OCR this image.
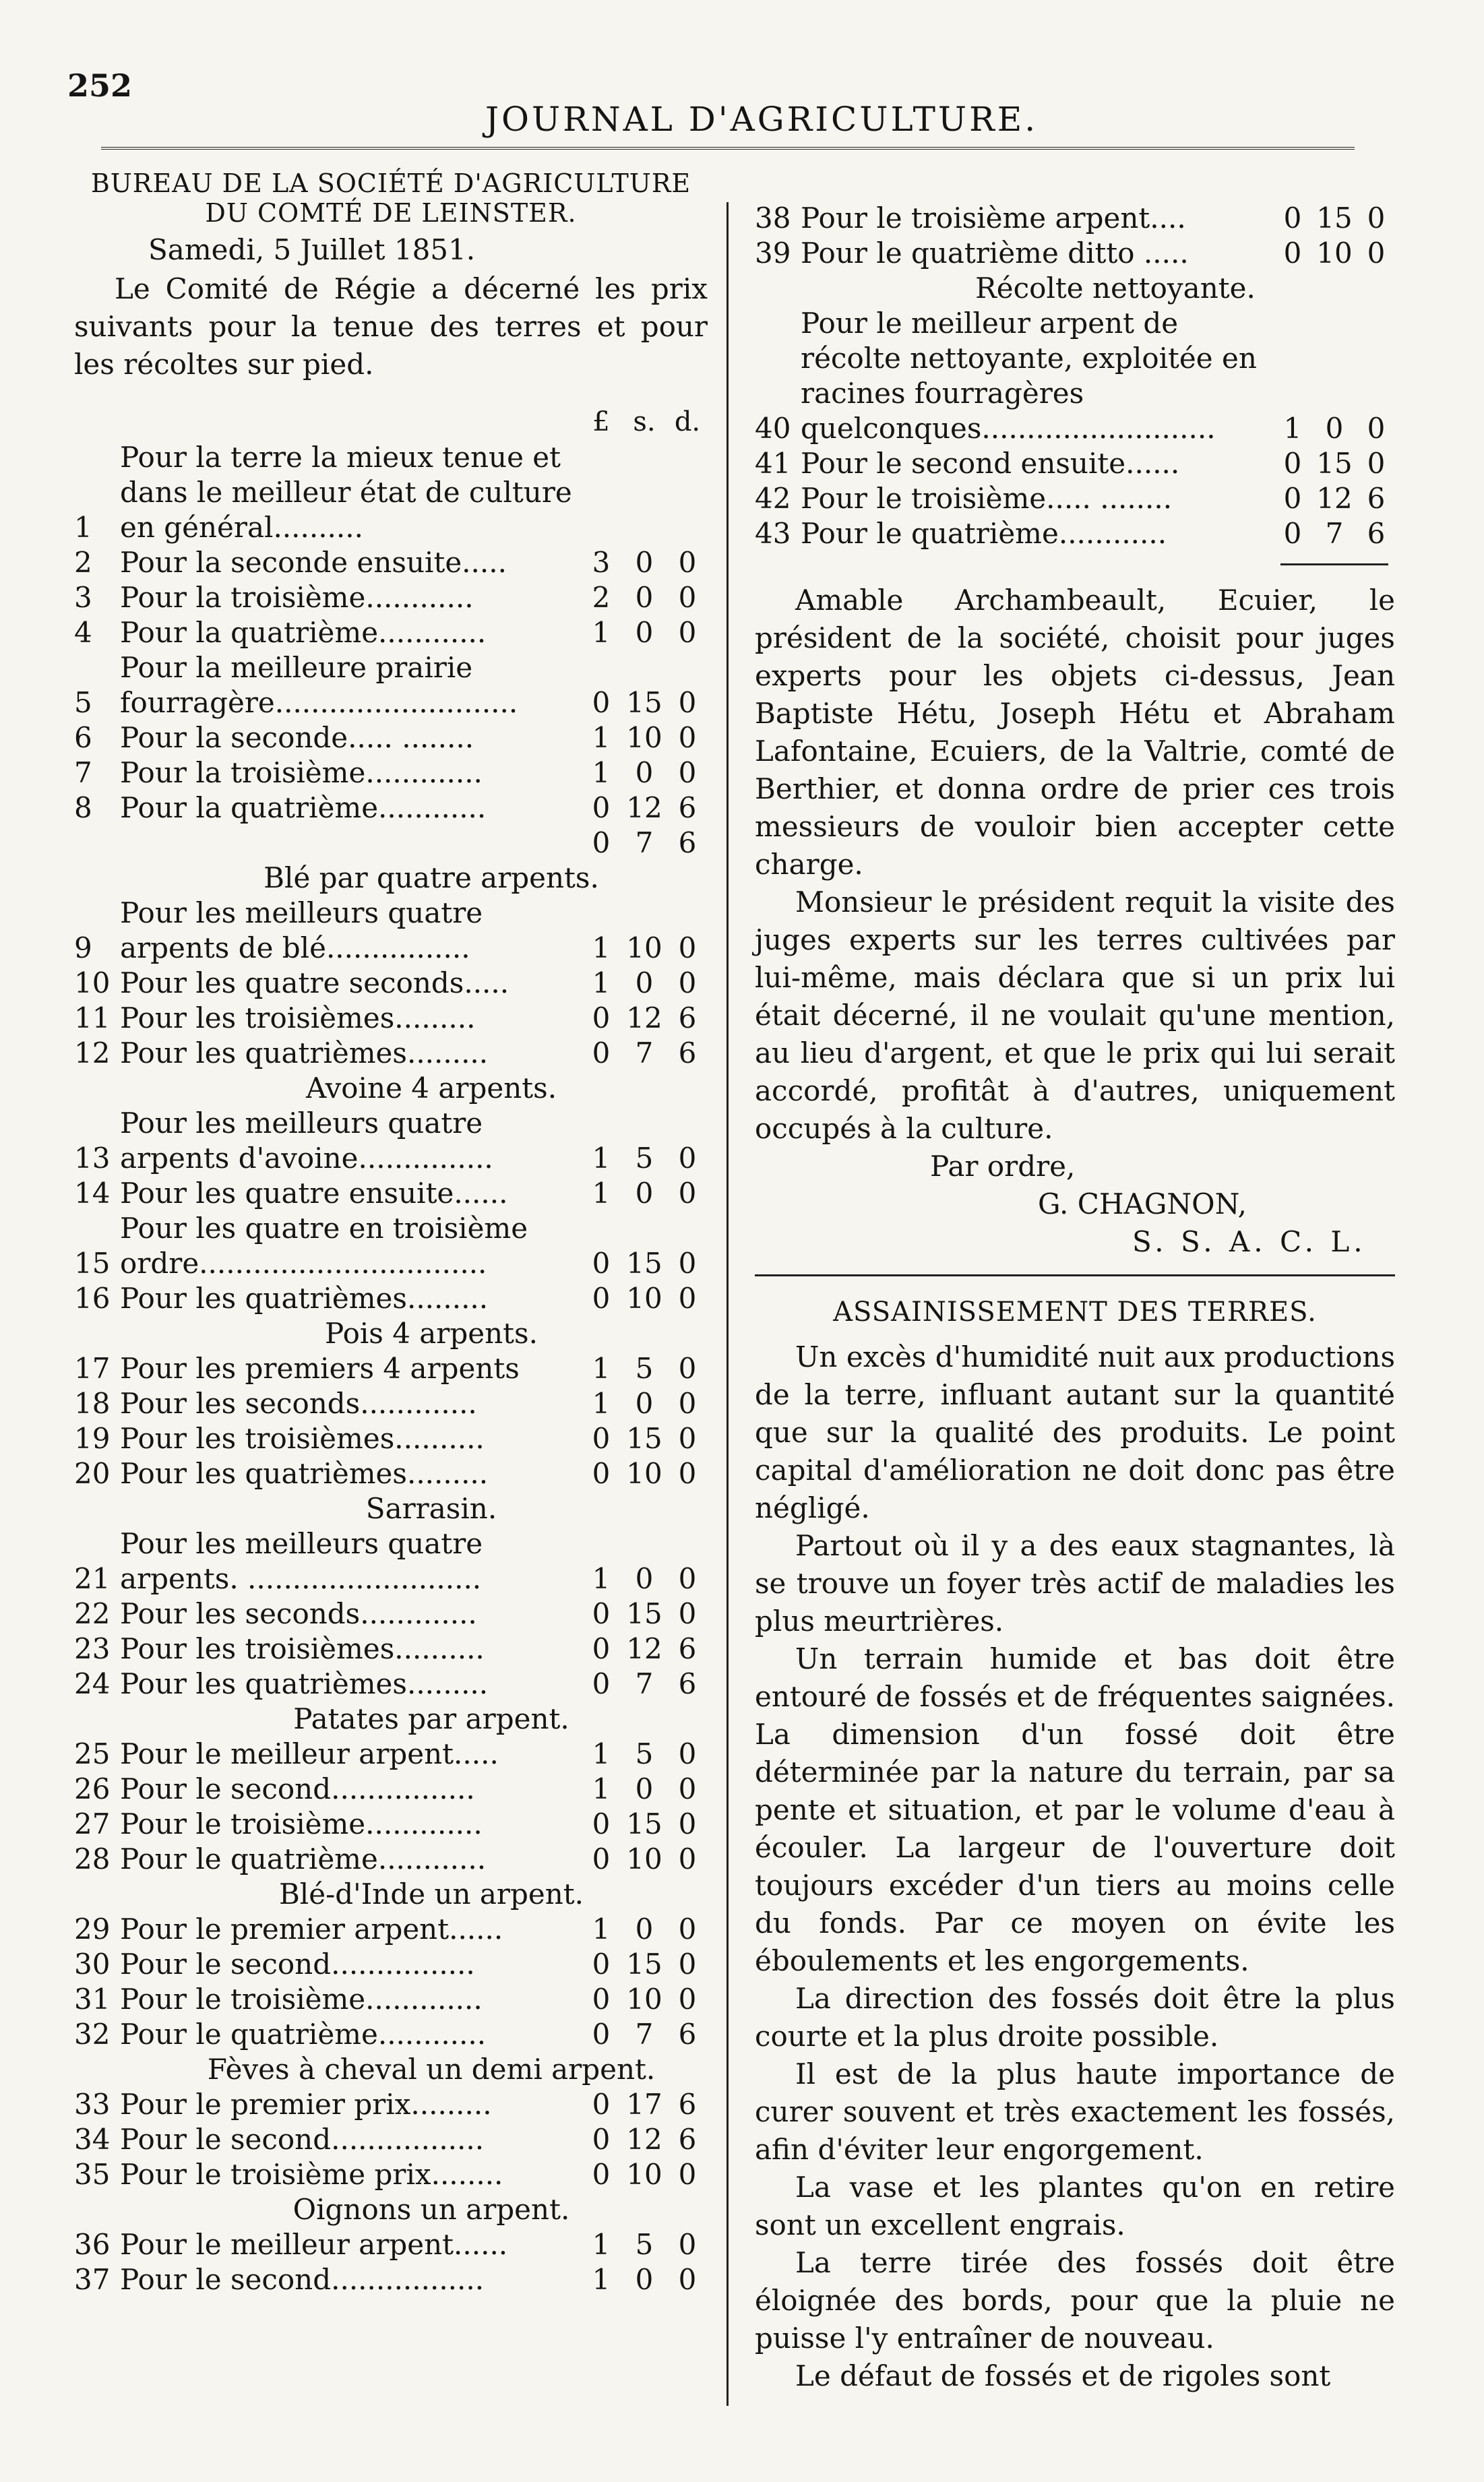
252
JOURNAL D'AGRICULTURE.
BUREAU DE LA SOCIÉTÉ D'AGRICULTURE DU COMTÉ DE LEINSTER.
Samedi, 5 Juillet 1851.

Le Comité de Régie a décerné les prix suivants pour la tenue des terres et pour les récoltes sur pied.

£ s. d.
1
Pour la terre la mieux tenue et dans le meilleur état de culture en général..........
2 Pour la seconde ensuite.....	3 0 0
3 Pour la troisième............	2 0 0
4 Pour la quatrième............	1 0 0
5
Pour la meilleure prairie fourragère...........................	0 15 0
6 Pour la seconde..... ........	1 10 0
7 Pour la troisième.............	1 0 0
8 Pour la quatrième............	0 12 6
0 7 6
Blé par quatre arpents.
9
Pour les meilleurs quatre arpents de blé................	1 10 0
10 Pour les quatre seconds.....	1 0 0
11 Pour les troisièmes.........	0 12 6
12 Pour les quatrièmes.........	0 7 6
Avoine 4 arpents.
13
Pour les meilleurs quatre arpents d'avoine...............	1 5 0
14 Pour les quatre ensuite......	1 0 0
15
Pour les quatre en troisième ordre................................	0 15 0
16 Pour les quatrièmes.........	0 10 0
Pois 4 arpents.
17 Pour les premiers 4 arpents	1 5 0
18 Pour les seconds.............	1 0 0
19 Pour les troisièmes..........	0 15 0
20 Pour les quatrièmes.........	0 10 0
Sarrasin.
21
Pour les meilleurs quatre arpents. ..........................	1 0 0
22 Pour les seconds.............	0 15 0
23 Pour les troisièmes..........	0 12 6
24 Pour les quatrièmes.........	0 7 6
Patates par arpent.
25 Pour le meilleur arpent.....	1 5 0
26 Pour le second................	1 0 0
27 Pour le troisième.............	0 15 0
28 Pour le quatrième............	0 10 0
Blé-d'Inde un arpent.
29 Pour le premier arpent......	1 0 0
30 Pour le second................	0 15 0
31 Pour le troisième.............	0 10 0
32 Pour le quatrième............	0 7 6
Fèves à cheval un demi arpent.
33 Pour le premier prix.........	0 17 6
34 Pour le second.................	0 12 6
35 Pour le troisième prix........	0 10 0
Oignons un arpent.
36 Pour le meilleur arpent......	1 5 0
37 Pour le second.................	1 0 0
38 Pour le troisième arpent....	0 15 0
39 Pour le quatrième ditto .....	0 10 0
Récolte nettoyante.
40
Pour le meilleur arpent de récolte nettoyante, exploitée en racines fourragères quelconques..........................	1 0 0
41 Pour le second ensuite......	0 15 0
42 Pour le troisième..... ........	0 12 6
43 Pour le quatrième............	0 7 6

Amable Archambeault, Ecuier, le président de la société, choisit pour juges experts pour les objets ci-dessus, Jean Baptiste Hétu, Joseph Hétu et Abraham Lafontaine, Ecuiers, de la Valtrie, comté de Berthier, et donna ordre de prier ces trois messieurs de vouloir bien accepter cette charge.

Monsieur le président requit la visite des juges experts sur les terres cultivées par lui-même, mais déclara que si un prix lui était décerné, il ne voulait qu'une mention, au lieu d'argent, et que le prix qui lui serait accordé, profitât à d'autres, uniquement occupés à la culture.

Par ordre,
G. CHAGNON,
S. S. A. C. L.
ASSAINISSEMENT DES TERRES.

Un excès d'humidité nuit aux productions de la terre, influant autant sur la quantité que sur la qualité des produits. Le point capital d'amélioration ne doit donc pas être négligé.

Partout où il y a des eaux stagnantes, là se trouve un foyer très actif de maladies les plus meurtrières.

Un terrain humide et bas doit être entouré de fossés et de fréquentes saignées. La dimension d'un fossé doit être déterminée par la nature du terrain, par sa pente et situation, et par le volume d'eau à écouler. La largeur de l'ouverture doit toujours excéder d'un tiers au moins celle du fonds. Par ce moyen on évite les éboulements et les engorgements.

La direction des fossés doit être la plus courte et la plus droite possible.

Il est de la plus haute importance de curer souvent et très exactement les fossés, afin d'éviter leur engorgement.

La vase et les plantes qu'on en retire sont un excellent engrais.

La terre tirée des fossés doit être éloignée des bords, pour que la pluie ne puisse l'y entraîner de nouveau.

Le défaut de fossés et de rigoles sont
